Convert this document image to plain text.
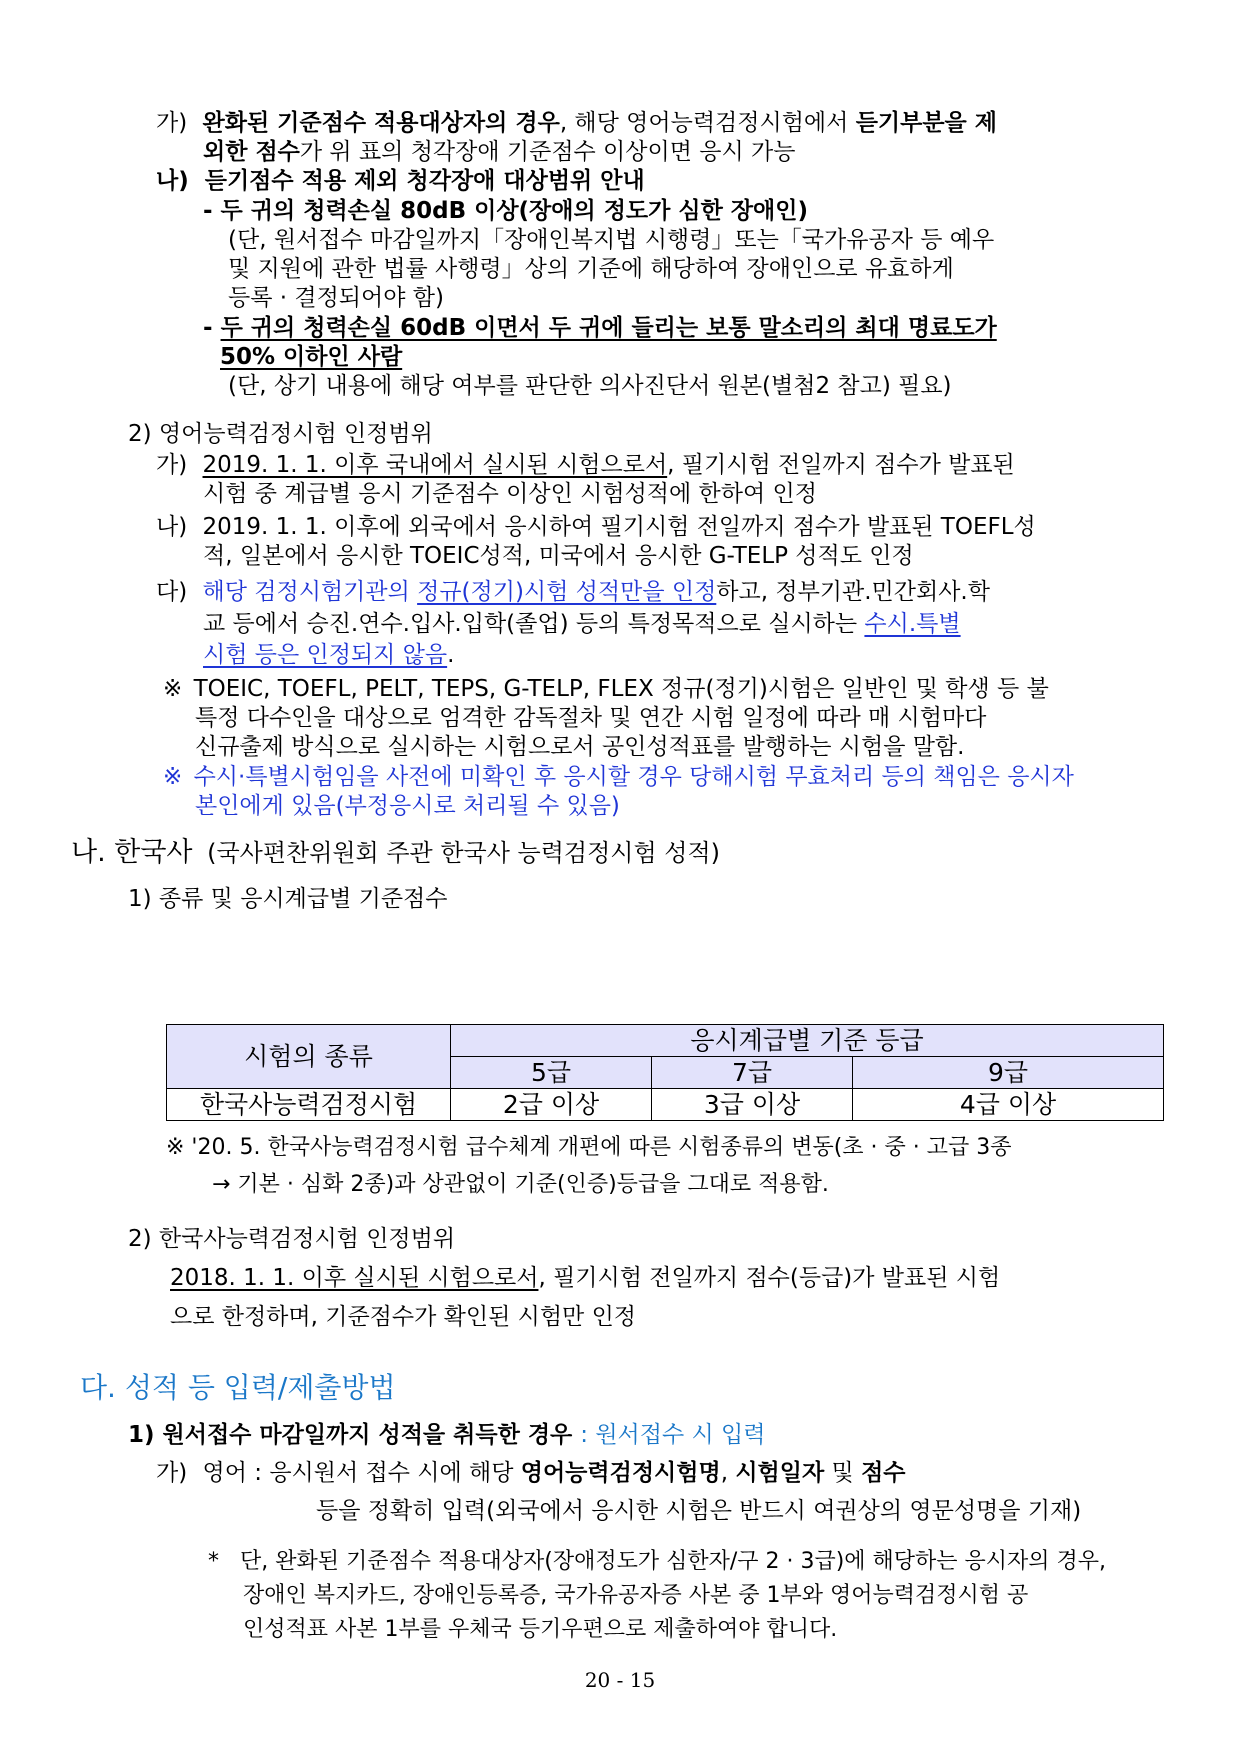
가) 완화된 기준점수 적용대상자의 경우, 해당 영어능력검정시험에서 듣기부분을 제
외한 점수가 위 표의 청각장애 기준점수 이상이면 응시 가능
나) 듣기점수 적용 제외 청각장애 대상범위 안내
- 두 귀의 청력손실 80dB 이상(장애의 정도가 심한 장애인)
(단, 원서접수 마감일까지「장애인복지법 시행령」또는「국가유공자 등 예우
및 지원에 관한 법률 사행령」상의 기준에 해당하여 장애인으로 유효하게
등록 · 결정되어야 함)
- 두 귀의 청력손실 60dB 이면서 두 귀에 들리는 보통 말소리의 최대 명료도가
50% 이하인 사람
(단, 상기 내용에 해당 여부를 판단한 의사진단서 원본(별첨2 참고) 필요)
2) 영어능력검정시험 인정범위
가) 2019. 1. 1. 이후 국내에서 실시된 시험으로서, 필기시험 전일까지 점수가 발표된
시험 중 계급별 응시 기준점수 이상인 시험성적에 한하여 인정
나) 2019. 1. 1. 이후에 외국에서 응시하여 필기시험 전일까지 점수가 발표된 TOEFL성
적, 일본에서 응시한 TOEIC성적, 미국에서 응시한 G-TELP 성적도 인정
다) 해당 검정시험기관의 정규(정기)시험 성적만을 인정하고, 정부기관.민간회사.학
교 등에서 승진.연수.입사.입학(졸업) 등의 특정목적으로 실시하는 수시.특별
시험 등은 인정되지 않음.
※ TOEIC, TOEFL, PELT, TEPS, G-TELP, FLEX 정규(정기)시험은 일반인 및 학생 등 불
특정 다수인을 대상으로 엄격한 감독절차 및 연간 시험 일정에 따라 매 시험마다
신규출제 방식으로 실시하는 시험으로서 공인성적표를 발행하는 시험을 말함.
※ 수시·특별시험임을 사전에 미확인 후 응시할 경우 당해시험 무효처리 등의 책임은 응시자
본인에게 있음(부정응시로 처리될 수 있음)
나. 한국사 (국사편찬위원회 주관 한국사 능력검정시험 성적)
1) 종류 및 응시계급별 기준점수
시험의 종류	응시계급별 기준 등급		
	5급	7급	9급
한국사능력검정시험	2급 이상	3급 이상	4급 이상
※ '20. 5. 한국사능력검정시험 급수체계 개편에 따른 시험종류의 변동(초 · 중 · 고급 3종
→ 기본 · 심화 2종)과 상관없이 기준(인증)등급을 그대로 적용함.
2) 한국사능력검정시험 인정범위
2018. 1. 1. 이후 실시된 시험으로서, 필기시험 전일까지 점수(등급)가 발표된 시험
으로 한정하며, 기준점수가 확인된 시험만 인정
다. 성적 등 입력/제출방법
1) 원서접수 마감일까지 성적을 취득한 경우 : 원서접수 시 입력
가) 영어 : 응시원서 접수 시에 해당 영어능력검정시험명, 시험일자 및 점수
등을 정확히 입력(외국에서 응시한 시험은 반드시 여권상의 영문성명을 기재)
* 단, 완화된 기준점수 적용대상자(장애정도가 심한자/구 2 · 3급)에 해당하는 응시자의 경우,
장애인 복지카드, 장애인등록증, 국가유공자증 사본 중 1부와 영어능력검정시험 공
인성적표 사본 1부를 우체국 등기우편으로 제출하여야 합니다.
20 - 15
